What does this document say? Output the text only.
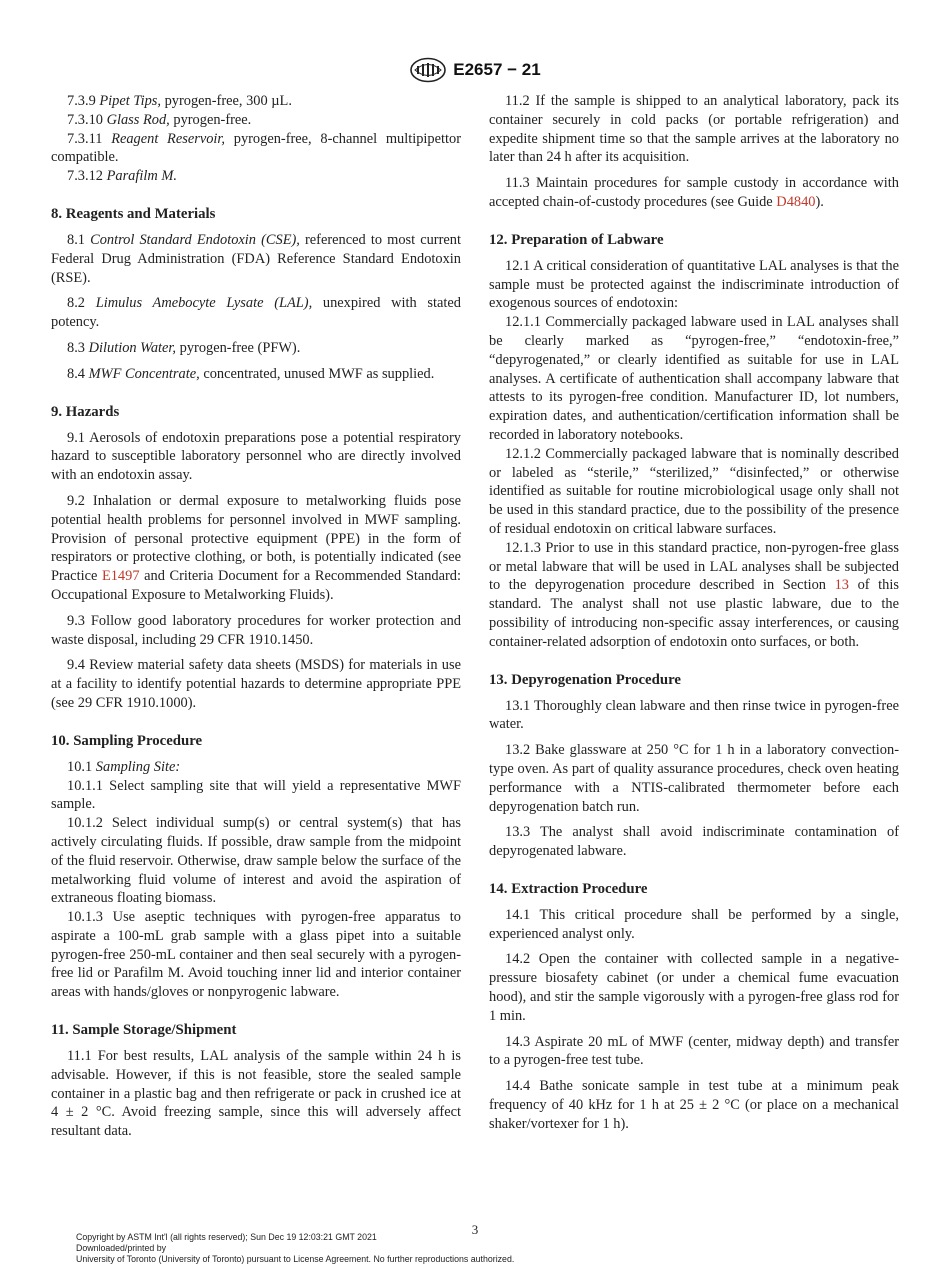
E2657 − 21

7.3.9 Pipet Tips, pyrogen-free, 300 µL.

7.3.10 Glass Rod, pyrogen-free.

7.3.11 Reagent Reservoir, pyrogen-free, 8-channel multipipettor compatible.

7.3.12 Parafilm M.

8. Reagents and Materials

8.1 Control Standard Endotoxin (CSE), referenced to most current Federal Drug Administration (FDA) Reference Standard Endotoxin (RSE).

8.2 Limulus Amebocyte Lysate (LAL), unexpired with stated potency.

8.3 Dilution Water, pyrogen-free (PFW).

8.4 MWF Concentrate, concentrated, unused MWF as supplied.

9. Hazards

9.1 Aerosols of endotoxin preparations pose a potential respiratory hazard to susceptible laboratory personnel who are directly involved with an endotoxin assay.

9.2 Inhalation or dermal exposure to metalworking fluids pose potential health problems for personnel involved in MWF sampling. Provision of personal protective equipment (PPE) in the form of respirators or protective clothing, or both, is potentially indicated (see Practice E1497 and Criteria Document for a Recommended Standard: Occupational Exposure to Metalworking Fluids).

9.3 Follow good laboratory procedures for worker protection and waste disposal, including 29 CFR 1910.1450.

9.4 Review material safety data sheets (MSDS) for materials in use at a facility to identify potential hazards to determine appropriate PPE (see 29 CFR 1910.1000).

10. Sampling Procedure

10.1 Sampling Site:

10.1.1 Select sampling site that will yield a representative MWF sample.

10.1.2 Select individual sump(s) or central system(s) that has actively circulating fluids. If possible, draw sample from the midpoint of the fluid reservoir. Otherwise, draw sample below the surface of the metalworking fluid volume of interest and avoid the aspiration of extraneous floating biomass.

10.1.3 Use aseptic techniques with pyrogen-free apparatus to aspirate a 100-mL grab sample with a glass pipet into a suitable pyrogen-free 250-mL container and then seal securely with a pyrogen-free lid or Parafilm M. Avoid touching inner lid and interior container areas with hands/gloves or nonpyrogenic labware.

11. Sample Storage/Shipment

11.1 For best results, LAL analysis of the sample within 24 h is advisable. However, if this is not feasible, store the sealed sample container in a plastic bag and then refrigerate or pack in crushed ice at 4 ± 2 °C. Avoid freezing sample, since this will adversely affect resultant data.

11.2 If the sample is shipped to an analytical laboratory, pack its container securely in cold packs (or portable refrigeration) and expedite shipment time so that the sample arrives at the laboratory no later than 24 h after its acquisition.

11.3 Maintain procedures for sample custody in accordance with accepted chain-of-custody procedures (see Guide D4840).

12. Preparation of Labware

12.1 A critical consideration of quantitative LAL analyses is that the sample must be protected against the indiscriminate introduction of exogenous sources of endotoxin:

12.1.1 Commercially packaged labware used in LAL analyses shall be clearly marked as “pyrogen-free,” “endotoxin-free,” “depyrogenated,” or clearly identified as suitable for use in LAL analyses. A certificate of authentication shall accompany labware that attests to its pyrogen-free condition. Manufacturer ID, lot numbers, expiration dates, and authentication/certification information shall be recorded in laboratory notebooks.

12.1.2 Commercially packaged labware that is nominally described or labeled as “sterile,” “sterilized,” “disinfected,” or otherwise identified as suitable for routine microbiological usage only shall not be used in this standard practice, due to the possibility of the presence of residual endotoxin on critical labware surfaces.

12.1.3 Prior to use in this standard practice, non-pyrogen-free glass or metal labware that will be used in LAL analyses shall be subjected to the depyrogenation procedure described in Section 13 of this standard. The analyst shall not use plastic labware, due to the possibility of introducing non-specific assay interferences, or causing container-related adsorption of endotoxin onto surfaces, or both.

13. Depyrogenation Procedure

13.1 Thoroughly clean labware and then rinse twice in pyrogen-free water.

13.2 Bake glassware at 250 °C for 1 h in a laboratory convection-type oven. As part of quality assurance procedures, check oven heating performance with a NTIS-calibrated thermometer before each depyrogenation batch run.

13.3 The analyst shall avoid indiscriminate contamination of depyrogenated labware.

14. Extraction Procedure

14.1 This critical procedure shall be performed by a single, experienced analyst only.

14.2 Open the container with collected sample in a negative-pressure biosafety cabinet (or under a chemical fume evacuation hood), and stir the sample vigorously with a pyrogen-free glass rod for 1 min.

14.3 Aspirate 20 mL of MWF (center, midway depth) and transfer to a pyrogen-free test tube.

14.4 Bathe sonicate sample in test tube at a minimum peak frequency of 40 kHz for 1 h at 25 ± 2 °C (or place on a mechanical shaker/vortexer for 1 h).

3
Copyright by ASTM Int'l (all rights reserved); Sun Dec 19 12:03:21 GMT 2021
Downloaded/printed by
University of Toronto (University of Toronto) pursuant to License Agreement. No further reproductions authorized.
